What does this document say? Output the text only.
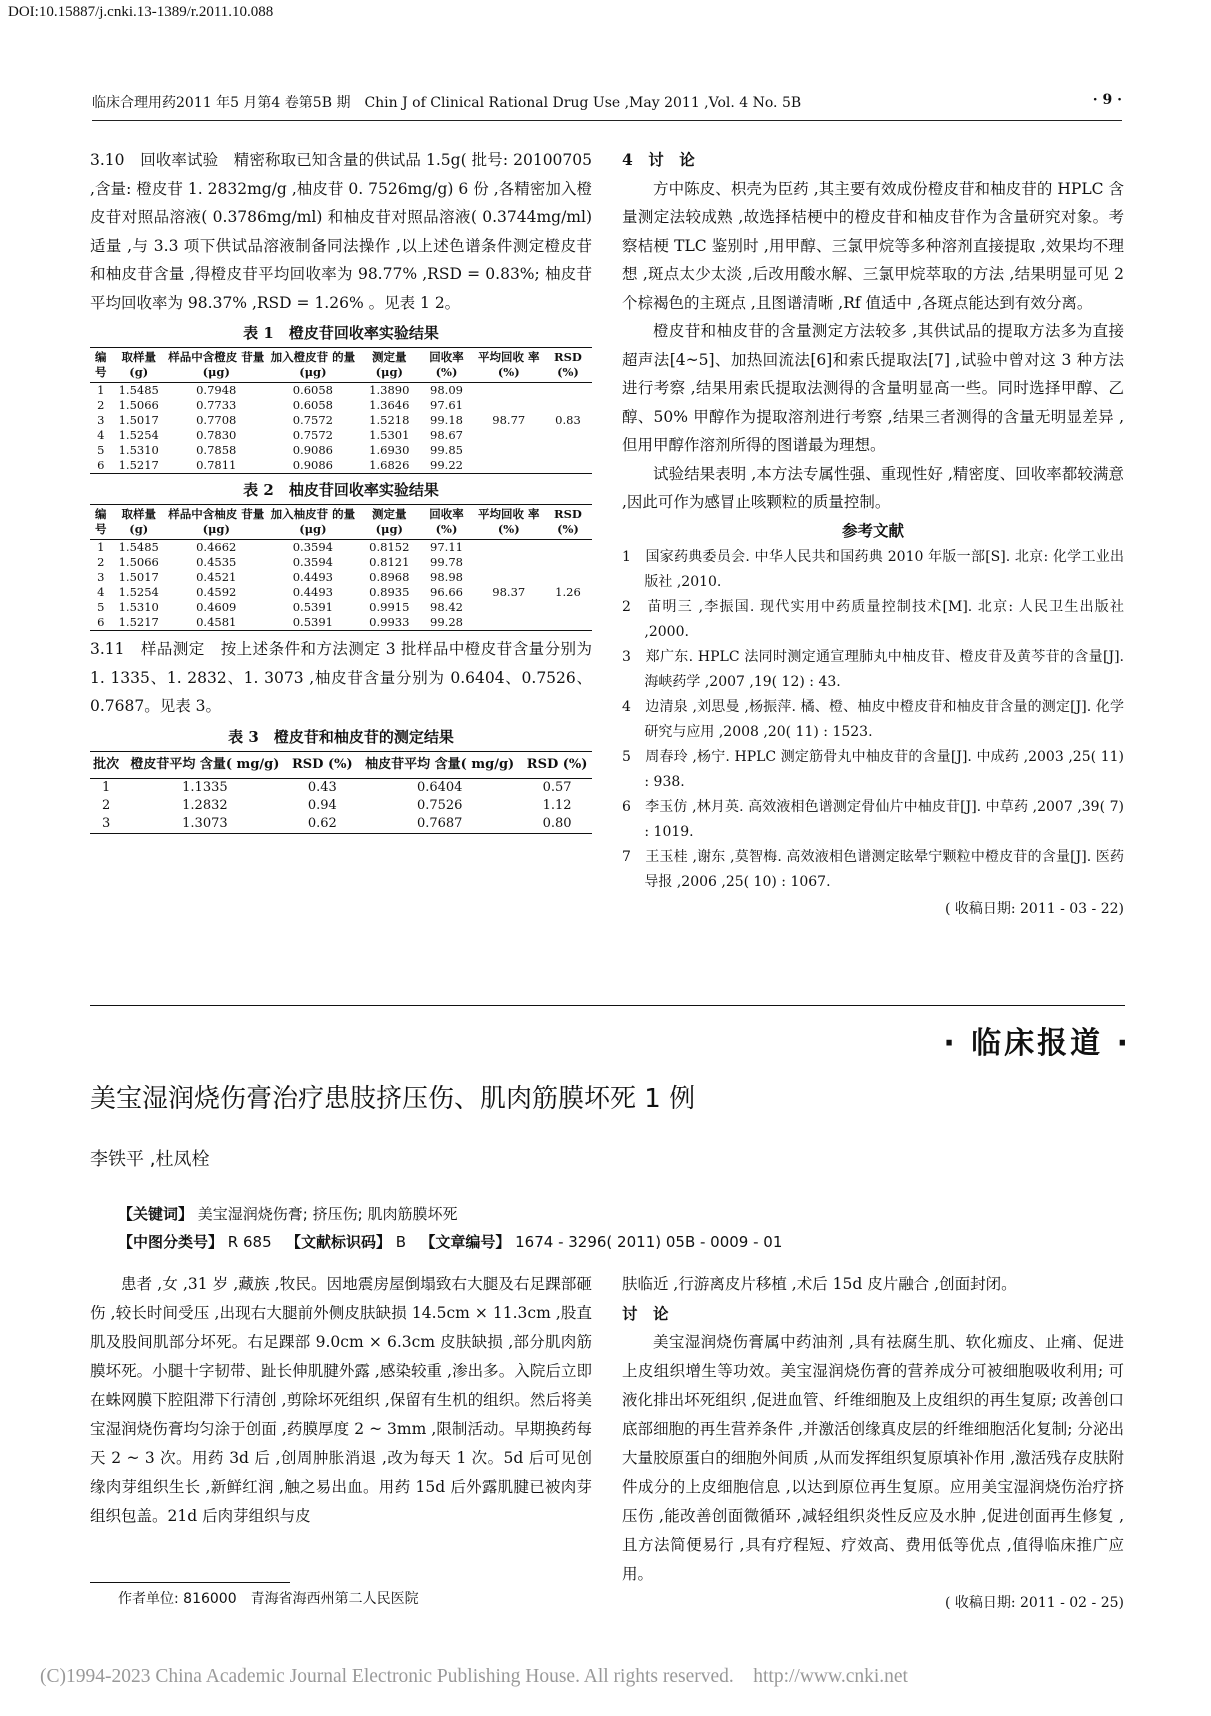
DOI:10.15887/j.cnki.13-1389/r.2011.10.088
临床合理用药2011 年5 月第4 卷第5B 期　Chin J of Clinical Rational Drug Use ,May 2011 ,Vol. 4 No. 5B	· 9 ·

3.10　回收率试验　精密称取已知含量的供试品 1.5g( 批号: 20100705 ,含量: 橙皮苷 1. 2832mg/g ,柚皮苷 0. 7526mg/g) 6 份 ,各精密加入橙皮苷对照品溶液( 0.3786mg/ml) 和柚皮苷对照品溶液( 0.3744mg/ml) 适量 ,与 3.3 项下供试品溶液制备同法操作 ,以上述色谱条件测定橙皮苷和柚皮苷含量 ,得橙皮苷平均回收率为 98.77% ,RSD = 0.83%; 柚皮苷平均回收率为 98.37% ,RSD = 1.26% 。见表 1 2。

表 1　橙皮苷回收率实验结果
编号	取样量 (g)	样品中含橙皮 苷量(μg)	加入橙皮苷 的量(μg)	测定量 (μg)	回收率 (%)	平均回收 率(%)	RSD (%)
1	1.5485	0.7948	0.6058	1.3890	98.09		
2	1.5066	0.7733	0.6058	1.3646	97.61		
3	1.5017	0.7708	0.7572	1.5218	99.18	98.77	0.83
4	1.5254	0.7830	0.7572	1.5301	98.67		
5	1.5310	0.7858	0.9086	1.6930	99.85		
6	1.5217	0.7811	0.9086	1.6826	99.22		
表 2　柚皮苷回收率实验结果
编号	取样量 (g)	样品中含柚皮 苷量(μg)	加入柚皮苷 的量(μg)	测定量 (μg)	回收率 (%)	平均回收 率(%)	RSD (%)
1	1.5485	0.4662	0.3594	0.8152	97.11		
2	1.5066	0.4535	0.3594	0.8121	99.78		
3	1.5017	0.4521	0.4493	0.8968	98.98		
4	1.5254	0.4592	0.4493	0.8935	96.66	98.37	1.26
5	1.5310	0.4609	0.5391	0.9915	98.42		
6	1.5217	0.4581	0.5391	0.9933	99.28		

3.11　样品测定　按上述条件和方法测定 3 批样品中橙皮苷含量分别为 1. 1335、1. 2832、1. 3073 ,柚皮苷含量分别为 0.6404、0.7526、0.7687。见表 3。

表 3　橙皮苷和柚皮苷的测定结果
批次	橙皮苷平均 含量( mg/g)	RSD (%)	柚皮苷平均 含量( mg/g)	RSD (%)
1	1.1335	0.43	0.6404	0.57
2	1.2832	0.94	0.7526	1.12
3	1.3073	0.62	0.7687	0.80

4　讨　论

方中陈皮、枳壳为臣药 ,其主要有效成份橙皮苷和柚皮苷的 HPLC 含量测定法较成熟 ,故选择桔梗中的橙皮苷和柚皮苷作为含量研究对象。考察桔梗 TLC 鉴别时 ,用甲醇、三氯甲烷等多种溶剂直接提取 ,效果均不理想 ,斑点太少太淡 ,后改用酸水解、三氯甲烷萃取的方法 ,结果明显可见 2 个棕褐色的主斑点 ,且图谱清晰 ,Rf 值适中 ,各斑点能达到有效分离。

橙皮苷和柚皮苷的含量测定方法较多 ,其供试品的提取方法多为直接超声法[4~5]、加热回流法[6]和索氏提取法[7] ,试验中曾对这 3 种方法进行考察 ,结果用索氏提取法测得的含量明显高一些。同时选择甲醇、乙醇、50% 甲醇作为提取溶剂进行考察 ,结果三者测得的含量无明显差异 ,但用甲醇作溶剂所得的图谱最为理想。

试验结果表明 ,本方法专属性强、重现性好 ,精密度、回收率都较满意 ,因此可作为感冒止咳颗粒的质量控制。

参考文献

1　国家药典委员会. 中华人民共和国药典 2010 年版一部[S]. 北京: 化学工业出版社 ,2010.

2　苗明三 ,李振国. 现代实用中药质量控制技术[M]. 北京: 人民卫生出版社 ,2000.

3　郑广东. HPLC 法同时测定通宣理肺丸中柚皮苷、橙皮苷及黄芩苷的含量[J]. 海峡药学 ,2007 ,19( 12) : 43.

4　边清泉 ,刘思曼 ,杨振萍. 橘、橙、柚皮中橙皮苷和柚皮苷含量的测定[J]. 化学研究与应用 ,2008 ,20( 11) : 1523.

5　周春玲 ,杨宁. HPLC 测定筋骨丸中柚皮苷的含量[J]. 中成药 ,2003 ,25( 11) : 938.

6　李玉仿 ,林月英. 高效液相色谱测定骨仙片中柚皮苷[J]. 中草药 ,2007 ,39( 7) : 1019.

7　王玉桂 ,谢东 ,莫智梅. 高效液相色谱测定眩晕宁颗粒中橙皮苷的含量[J]. 医药导报 ,2006 ,25( 10) : 1067.

( 收稿日期: 2011 - 03 - 22)

· 临床报道 ·
美宝湿润烧伤膏治疗患肢挤压伤、肌肉筋膜坏死 1 例
李铁平 ,杜凤栓
【关键词】 美宝湿润烧伤膏; 挤压伤; 肌肉筋膜坏死
【中图分类号】 R 685 【文献标识码】 B 【文章编号】 1674 - 3296( 2011) 05B - 0009 - 01

患者 ,女 ,31 岁 ,藏族 ,牧民。因地震房屋倒塌致右大腿及右足踝部砸伤 ,较长时间受压 ,出现右大腿前外侧皮肤缺损 14.5cm × 11.3cm ,股直肌及股间肌部分坏死。右足踝部 9.0cm × 6.3cm 皮肤缺损 ,部分肌肉筋膜坏死。小腿十字韧带、趾长伸肌腱外露 ,感染较重 ,渗出多。入院后立即在蛛网膜下腔阻滞下行清创 ,剪除坏死组织 ,保留有生机的组织。然后将美宝湿润烧伤膏均匀涂于创面 ,药膜厚度 2 ~ 3mm ,限制活动。早期换药每天 2 ~ 3 次。用药 3d 后 ,创周肿胀消退 ,改为每天 1 次。5d 后可见创缘肉芽组织生长 ,新鲜红润 ,触之易出血。用药 15d 后外露肌腱已被肉芽组织包盖。21d 后肉芽组织与皮

肤临近 ,行游离皮片移植 ,术后 15d 皮片融合 ,创面封闭。

讨　论

美宝湿润烧伤膏属中药油剂 ,具有祛腐生肌、软化痂皮、止痛、促进上皮组织增生等功效。美宝湿润烧伤膏的营养成分可被细胞吸收利用; 可液化排出坏死组织 ,促进血管、纤维细胞及上皮组织的再生复原; 改善创口底部细胞的再生营养条件 ,并激活创缘真皮层的纤维细胞活化复制; 分泌出大量胶原蛋白的细胞外间质 ,从而发挥组织复原填补作用 ,激活残存皮肤附件成分的上皮细胞信息 ,以达到原位再生复原。应用美宝湿润烧伤治疗挤压伤 ,能改善创面微循环 ,减轻组织炎性反应及水肿 ,促进创面再生修复 ,且方法简便易行 ,具有疗程短、疗效高、费用低等优点 ,值得临床推广应用。

( 收稿日期: 2011 - 02 - 25)

作者单位: 816000　青海省海西州第二人民医院
(C)1994-2023 China Academic Journal Electronic Publishing House. All rights reserved.　http://www.cnki.net
